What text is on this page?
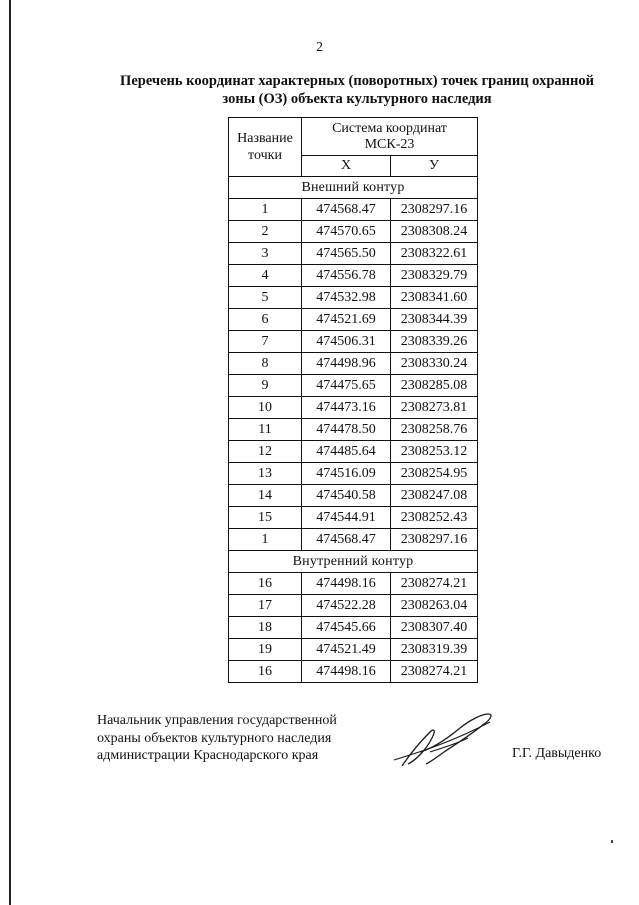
2
Перечень координат характерных (поворотных) точек границ охранной
зоны (ОЗ) объекта культурного наследия
Название
точки	Система координат
МСК-23	
	Х	У
Внешний контур		
1	474568.47	2308297.16
2	474570.65	2308308.24
3	474565.50	2308322.61
4	474556.78	2308329.79
5	474532.98	2308341.60
6	474521.69	2308344.39
7	474506.31	2308339.26
8	474498.96	2308330.24
9	474475.65	2308285.08
10	474473.16	2308273.81
11	474478.50	2308258.76
12	474485.64	2308253.12
13	474516.09	2308254.95
14	474540.58	2308247.08
15	474544.91	2308252.43
1	474568.47	2308297.16
Внутренний контур		
16	474498.16	2308274.21
17	474522.28	2308263.04
18	474545.66	2308307.40
19	474521.49	2308319.39
16	474498.16	2308274.21
Начальник управления государственной
охраны объектов культурного наследия
администрации Краснодарского края	Г.Г. Давыденко
